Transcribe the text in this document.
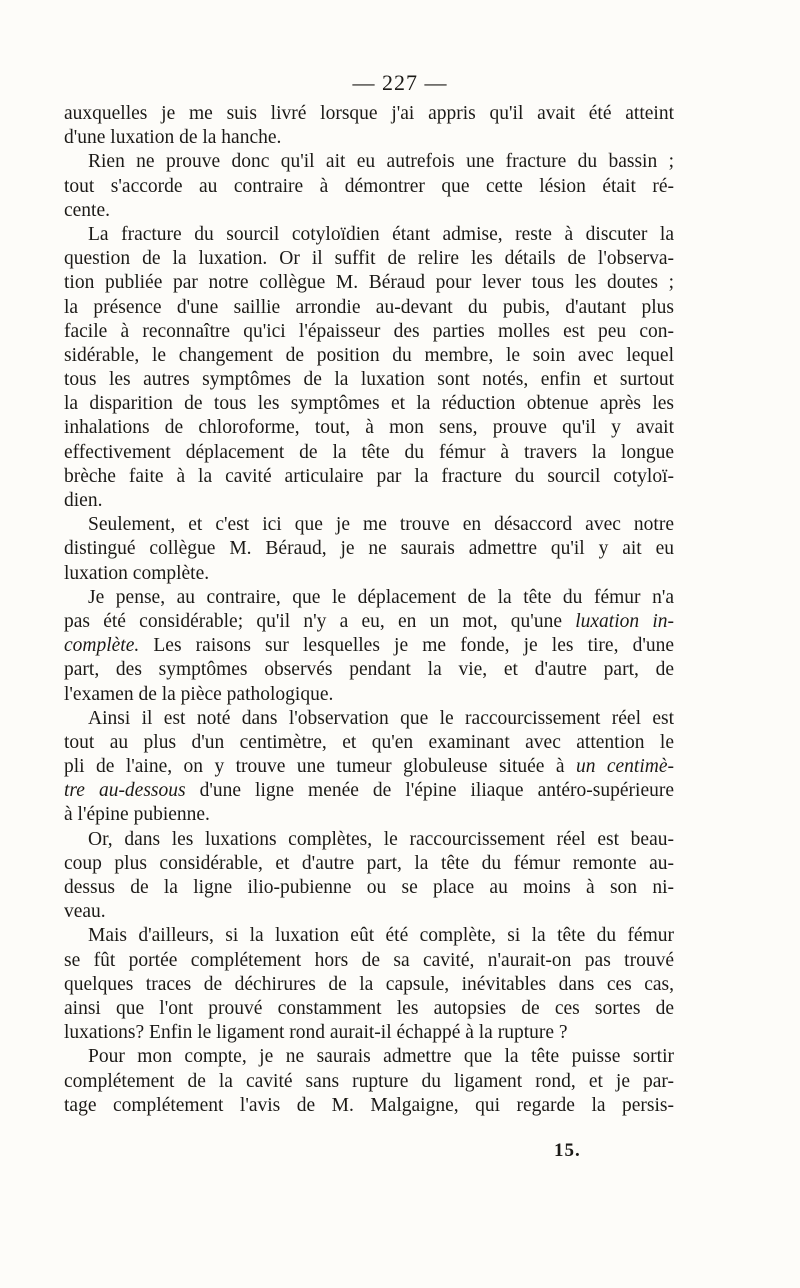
— 227 —
auxquelles je me suis livré lorsque j'ai appris qu'il avait été atteint
d'une luxation de la hanche.
Rien ne prouve donc qu'il ait eu autrefois une fracture du bassin ;
tout s'accorde au contraire à démontrer que cette lésion était ré-
cente.
La fracture du sourcil cotyloïdien étant admise, reste à discuter la
question de la luxation. Or il suffit de relire les détails de l'observa-
tion publiée par notre collègue M. Béraud pour lever tous les doutes ;
la présence d'une saillie arrondie au-devant du pubis, d'autant plus
facile à reconnaître qu'ici l'épaisseur des parties molles est peu con-
sidérable, le changement de position du membre, le soin avec lequel
tous les autres symptômes de la luxation sont notés, enfin et surtout
la disparition de tous les symptômes et la réduction obtenue après les
inhalations de chloroforme, tout, à mon sens, prouve qu'il y avait
effectivement déplacement de la tête du fémur à travers la longue
brèche faite à la cavité articulaire par la fracture du sourcil cotyloï-
dien.
Seulement, et c'est ici que je me trouve en désaccord avec notre
distingué collègue M. Béraud, je ne saurais admettre qu'il y ait eu
luxation complète.
Je pense, au contraire, que le déplacement de la tête du fémur n'a
pas été considérable; qu'il n'y a eu, en un mot, qu'une luxation in-
complète. Les raisons sur lesquelles je me fonde, je les tire, d'une
part, des symptômes observés pendant la vie, et d'autre part, de
l'examen de la pièce pathologique.
Ainsi il est noté dans l'observation que le raccourcissement réel est
tout au plus d'un centimètre, et qu'en examinant avec attention le
pli de l'aine, on y trouve une tumeur globuleuse située à un centimè-
tre au-dessous d'une ligne menée de l'épine iliaque antéro-supérieure
à l'épine pubienne.
Or, dans les luxations complètes, le raccourcissement réel est beau-
coup plus considérable, et d'autre part, la tête du fémur remonte au-
dessus de la ligne ilio-pubienne ou se place au moins à son ni-
veau.
Mais d'ailleurs, si la luxation eût été complète, si la tête du fémur
se fût portée complétement hors de sa cavité, n'aurait-on pas trouvé
quelques traces de déchirures de la capsule, inévitables dans ces cas,
ainsi que l'ont prouvé constamment les autopsies de ces sortes de
luxations? Enfin le ligament rond aurait-il échappé à la rupture ?
Pour mon compte, je ne saurais admettre que la tête puisse sortir
complétement de la cavité sans rupture du ligament rond, et je par-
tage complétement l'avis de M. Malgaigne, qui regarde la persis-
15.
